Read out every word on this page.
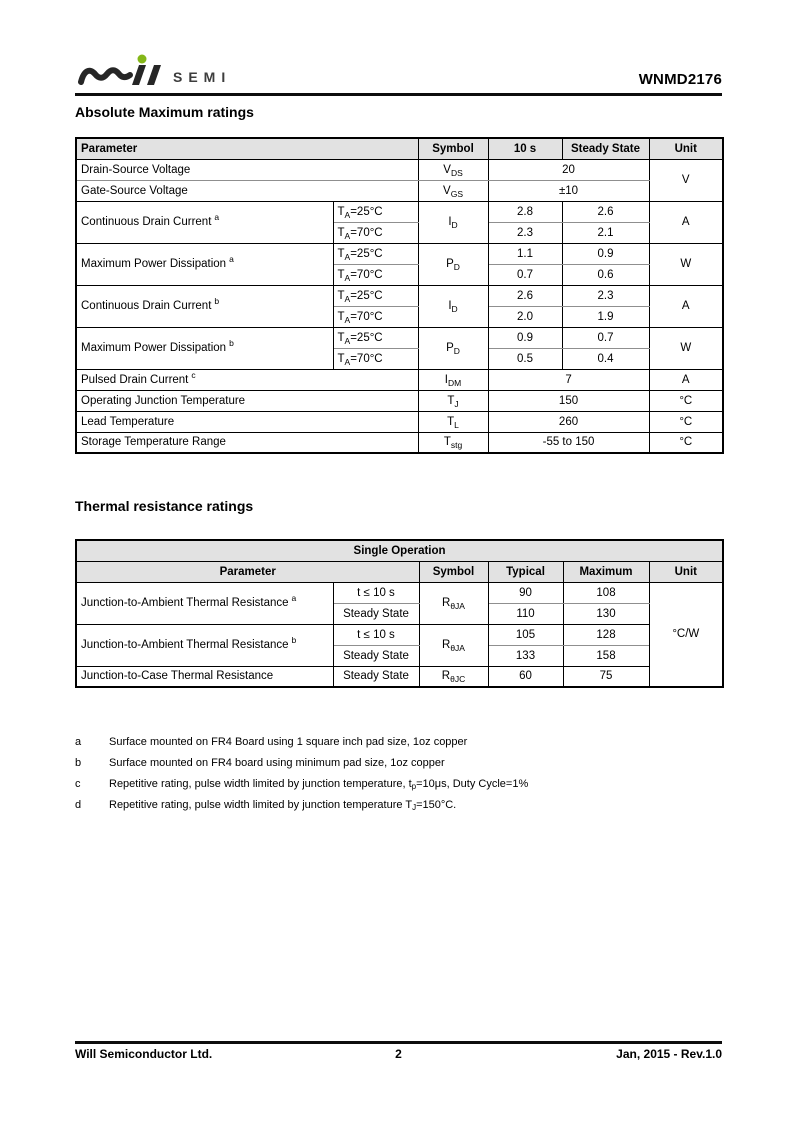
SEMI	WNMD2176
Absolute Maximum ratings
Parameter		Symbol	10 s	Steady State	Unit
Drain-Source Voltage		$V_{DS}$	20		V
Gate-Source Voltage		$V_{GS}$	±10		
Continuous Drain Current $^a$	$T_A=25^\circ C$	$I_D$	2.8	2.6	A
	$T_A=70^\circ C$		2.3	2.1	
Maximum Power Dissipation $^a$	$T_A=25^\circ C$	$P_D$	1.1	0.9	W
	$T_A=70^\circ C$		0.7	0.6	
Continuous Drain Current $^b$	$T_A=25^\circ C$	$I_D$	2.6	2.3	A
	$T_A=70^\circ C$		2.0	1.9	
Maximum Power Dissipation $^b$	$T_A=25^\circ C$	$P_D$	0.9	0.7	W
	$T_A=70^\circ C$		0.5	0.4	
Pulsed Drain Current $^c$		$I_{DM}$	7		A
Operating Junction Temperature		$T_J$	150		°C
Lead Temperature		$T_L$	260		°C
Storage Temperature Range		$T_{stg}$	-55 to 150		°C
Thermal resistance ratings
Single Operation					
Parameter		Symbol	Typical	Maximum	Unit
Junction-to-Ambient Thermal Resistance $^a$	t ≤ 10 s	$R_{\theta JA}$	90	108	°C/W
	Steady State		110	130	
Junction-to-Ambient Thermal Resistance $^b$	t ≤ 10 s	$R_{\theta JA}$	105	128	
	Steady State		133	158	
Junction-to-Case Thermal Resistance	Steady State	$R_{\theta JC}$	60	75	
a	Surface mounted on FR4 Board using 1 square inch pad size, 1oz copper
b	Surface mounted on FR4 board using minimum pad size, 1oz copper
c	Repetitive rating, pulse width limited by junction temperature, $t_p=10\mu s$, Duty Cycle=1%
d	Repetitive rating, pulse width limited by junction temperature $T_J=150^\circ C$.
Will Semiconductor Ltd.	2	Jan, 2015 - Rev.1.0
